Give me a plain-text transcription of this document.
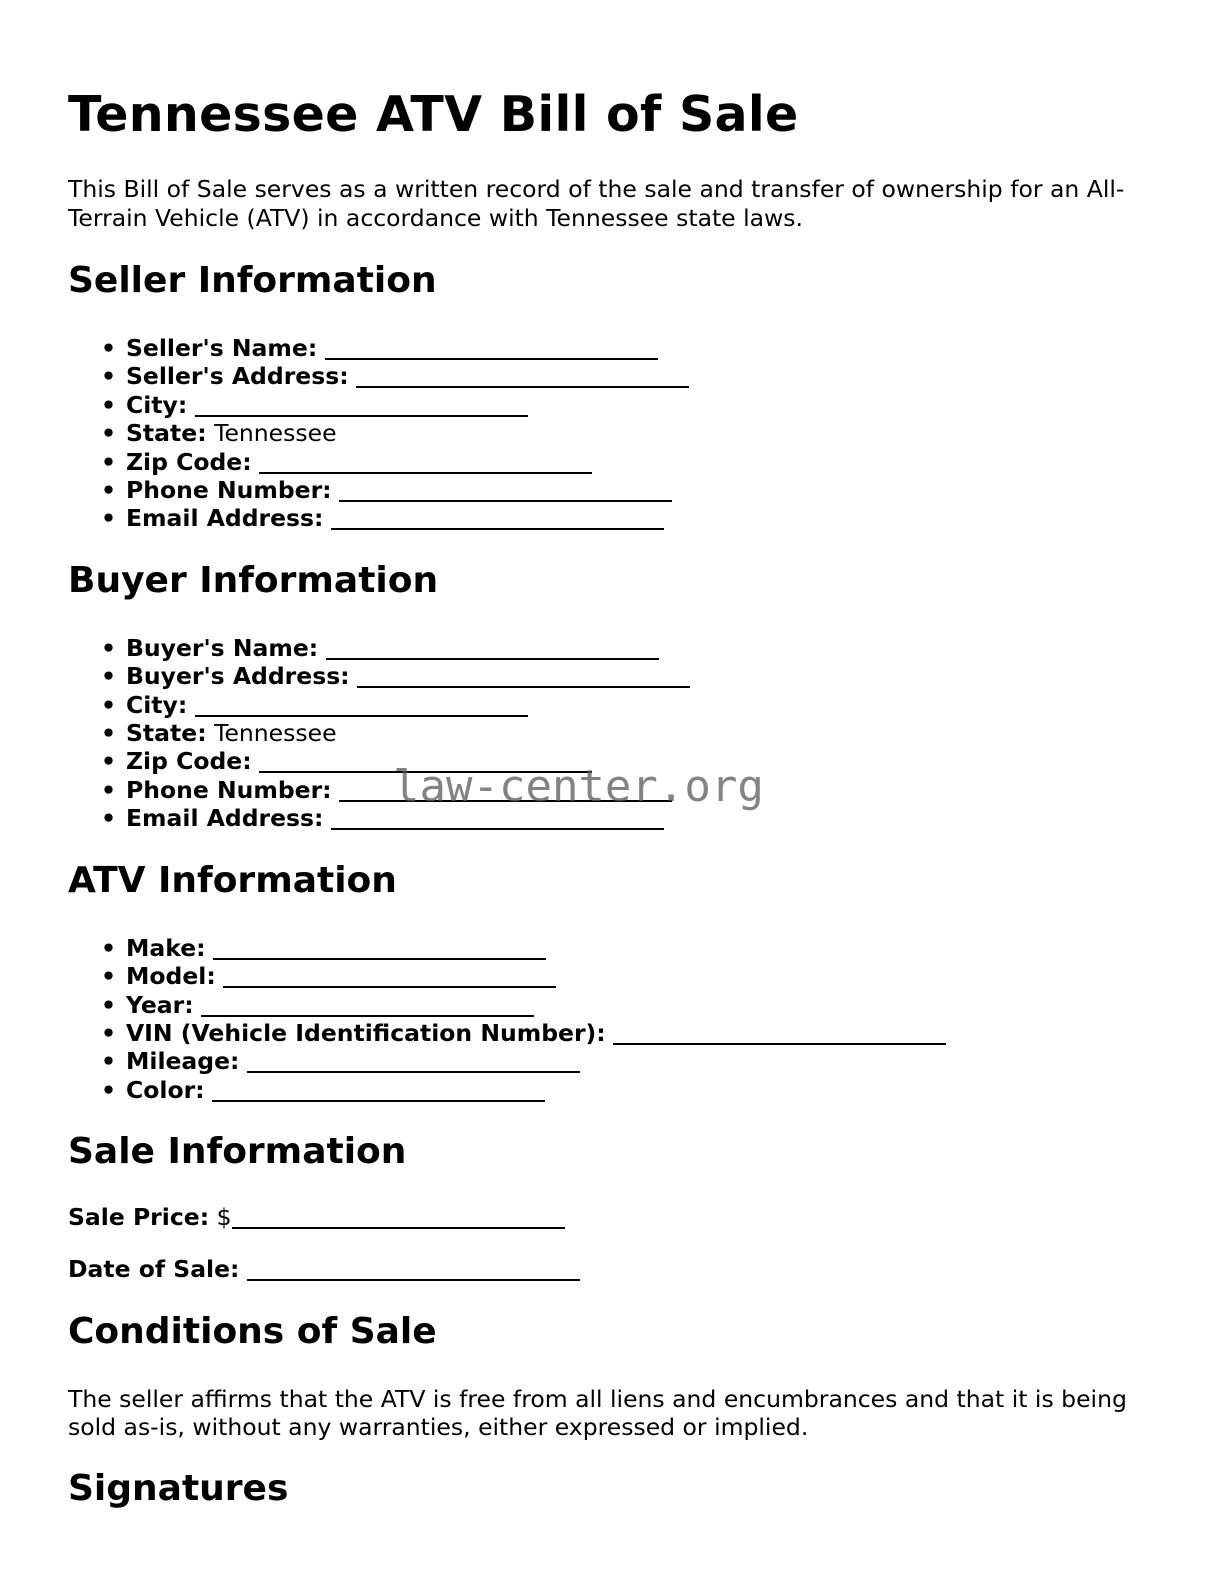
Tennessee ATV Bill of Sale

This Bill of Sale serves as a written record of the sale and transfer of ownership for an All-Terrain Vehicle (ATV) in accordance with Tennessee state laws.

Seller Information
• Seller's Name:
• Seller's Address:
• City:
• State: Tennessee
• Zip Code:
• Phone Number:
• Email Address:
Buyer Information
• Buyer's Name:
• Buyer's Address:
• City:
• State: Tennessee
• Zip Code:
• Phone Number:
• Email Address:
ATV Information
• Make:
• Model:
• Year:
• VIN (Vehicle Identification Number):
• Mileage:
• Color:
Sale Information

Sale Price: $

Date of Sale:

Conditions of Sale

The seller affirms that the ATV is free from all liens and encumbrances and that it is being sold as-is, without any warranties, either expressed or implied.

Signatures
law-center.org
